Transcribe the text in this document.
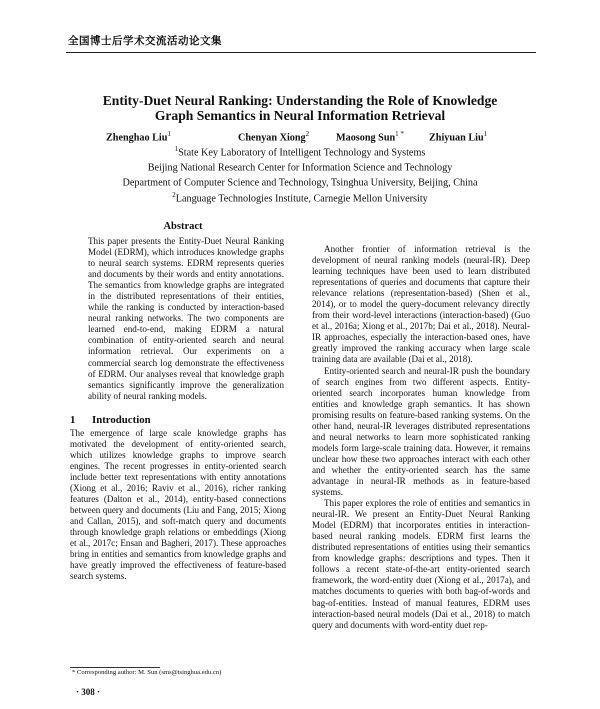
全国博士后学术交流活动论文集
Entity-Duet Neural Ranking: Understanding the Role of Knowledge
Graph Semantics in Neural Information Retrieval
Zhenghao Liu$^1$	Chenyan Xiong$^2$	Maosong Sun$^{1 *}$ Zhiyuan Liu$^1$
$^1$State Key Laboratory of Intelligent Technology and Systems
Beijing National Research Center for Information Science and Technology
Department of Computer Science and Technology, Tsinghua University, Beijing, China
$^2$Language Technologies Institute, Carnegie Mellon University
Abstract
This paper presents the Entity-Duet Neural Ranking Model (EDRM), which introduces knowledge graphs to neural search systems. EDRM represents queries and documents by their words and entity annotations. The semantics from knowledge graphs are integrated in the distributed representations of their entities, while the ranking is conducted by interaction-based neural ranking networks. The two components are learned end-to-end, making EDRM a natural combination of entity-oriented search and neural information retrieval. Our experiments on a commercial search log demonstrate the effectiveness of EDRM. Our analyses reveal that knowledge graph semantics significantly improve the generalization ability of neural ranking models.
1 Introduction

The emergence of large scale knowledge graphs has motivated the development of entity-oriented search, which utilizes knowledge graphs to improve search engines. The recent progresses in entity-oriented search include better text representations with entity annotations (Xiong et al., 2016; Raviv et al., 2016), richer ranking features (Dalton et al., 2014), entity-based connections between query and documents (Liu and Fang, 2015; Xiong and Callan, 2015), and soft-match query and documents through knowledge graph relations or embeddings (Xiong et al., 2017c; Ensan and Bagheri, 2017). These approaches bring in entities and semantics from knowledge graphs and have greatly improved the effectiveness of feature-based search systems.

Another frontier of information retrieval is the development of neural ranking models (neural-IR). Deep learning techniques have been used to learn distributed representations of queries and documents that capture their relevance relations (representation-based) (Shen et al., 2014), or to model the query-document relevancy directly from their word-level interactions (interaction-based) (Guo et al., 2016a; Xiong et al., 2017b; Dai et al., 2018). Neural-IR approaches, especially the interaction-based ones, have greatly improved the ranking accuracy when large scale training data are available (Dai et al., 2018).

Entity-oriented search and neural-IR push the boundary of search engines from two different aspects. Entity-oriented search incorporates human knowledge from entities and knowledge graph semantics. It has shown promising results on feature-based ranking systems. On the other hand, neural-IR leverages distributed representations and neural networks to learn more sophisticated ranking models form large-scale training data. However, it remains unclear how these two approaches interact with each other and whether the entity-oriented search has the same advantage in neural-IR methods as in feature-based systems.

This paper explores the role of entities and semantics in neural-IR. We present an Entity-Duet Neural Ranking Model (EDRM) that incorporates entities in interaction-based neural ranking models. EDRM first learns the distributed representations of entities using their semantics from knowledge graphs: descriptions and types. Then it follows a recent state-of-the-art entity-oriented search framework, the word-entity duet (Xiong et al., 2017a), and matches documents to queries with both bag-of-words and bag-of-entities. Instead of manual features, EDRM uses interaction-based neural models (Dai et al., 2018) to match query and documents with word-entity duet rep-

* Corresponding author: M. Sun (sms@tsinghua.edu.cn)
· 308 ·
